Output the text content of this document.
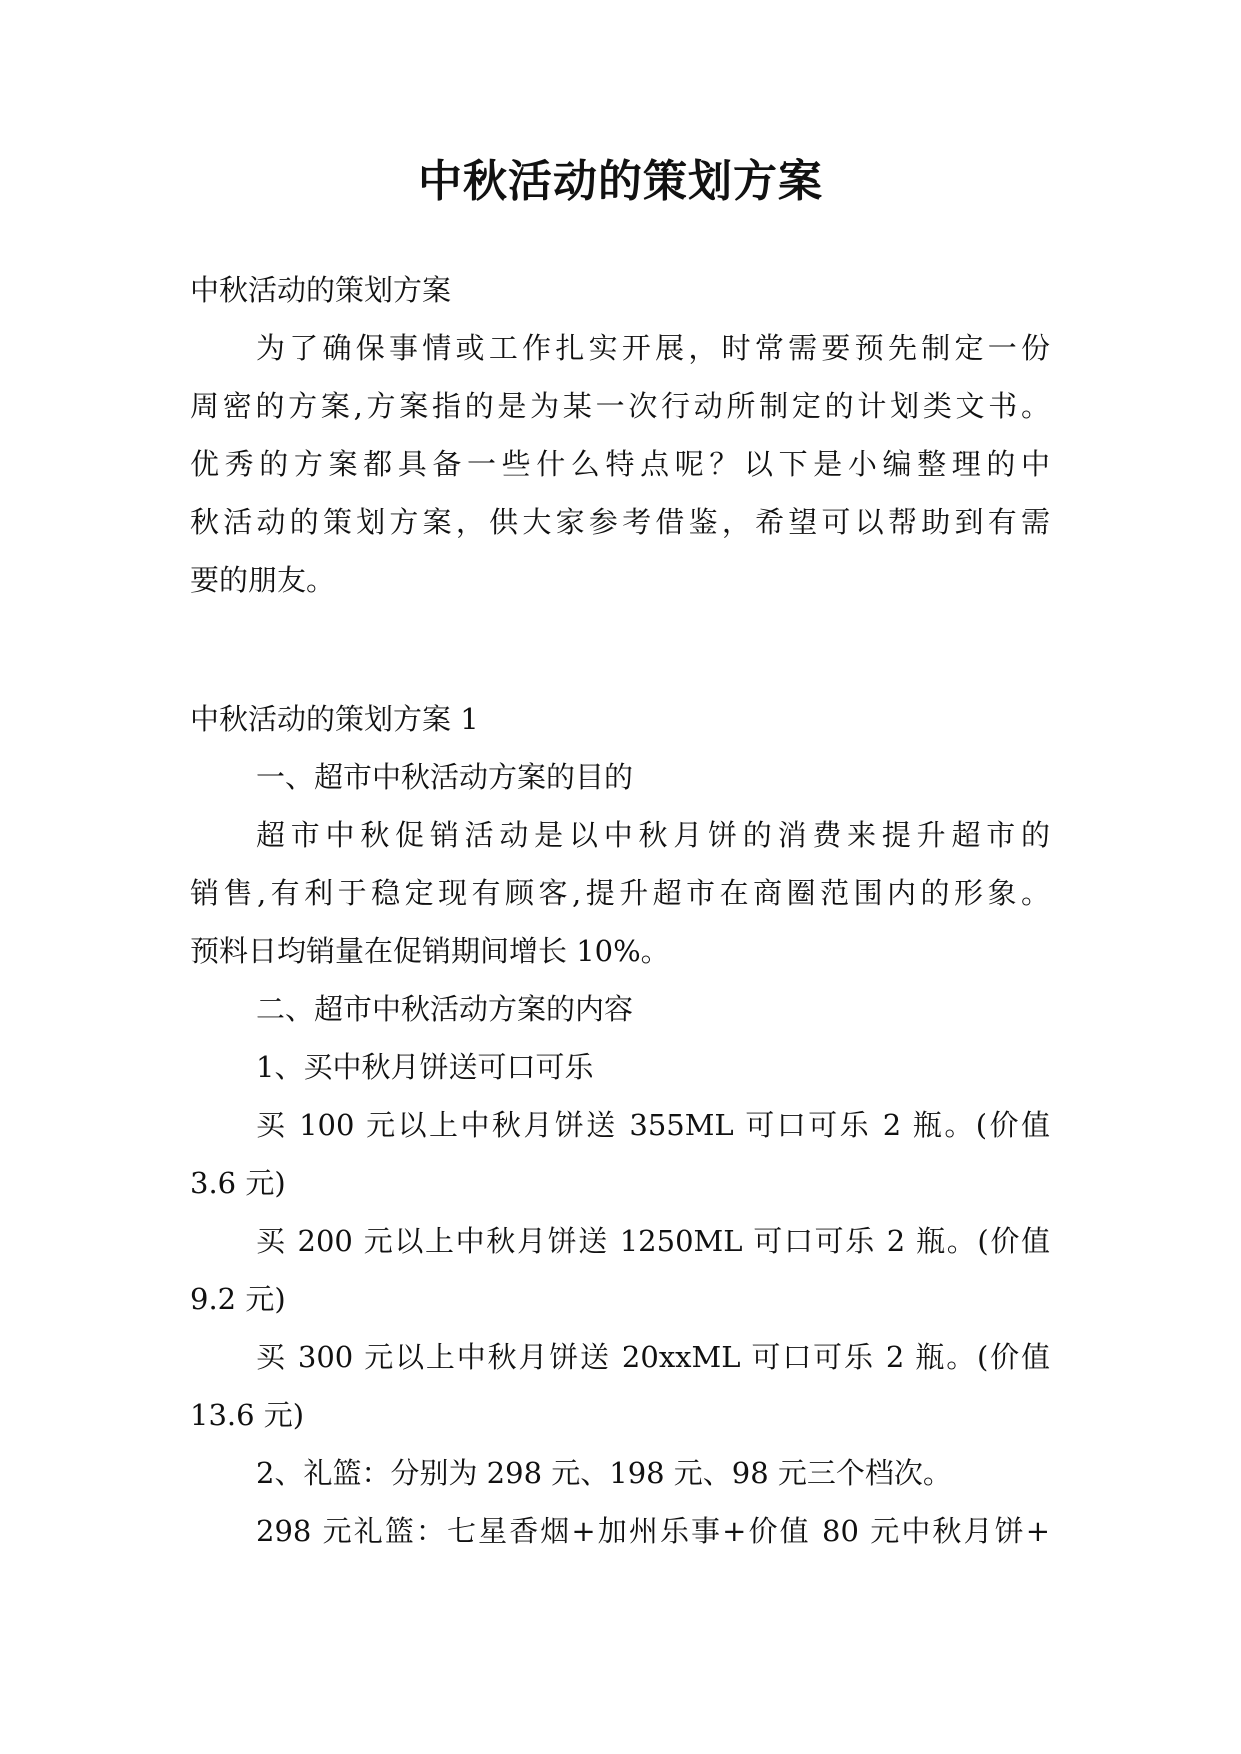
中秋活动的策划方案

中秋活动的策划方案

为了确保事情或工作扎实开展，时常需要预先制定一份

周密的方案,方案指的是为某一次行动所制定的计划类文书。

优秀的方案都具备一些什么特点呢？以下是小编整理的中

秋活动的策划方案，供大家参考借鉴，希望可以帮助到有需

要的朋友。

中秋活动的策划方案 1

一、超市中秋活动方案的目的

超市中秋促销活动是以中秋月饼的消费来提升超市的

销售,有利于稳定现有顾客,提升超市在商圈范围内的形象。

预料日均销量在促销期间增长 10%。

二、超市中秋活动方案的内容

1、买中秋月饼送可口可乐

买 100 元以上中秋月饼送 355ML 可口可乐 2 瓶。(价值

3.6 元)

买 200 元以上中秋月饼送 1250ML 可口可乐 2 瓶。(价值

9.2 元)

买 300 元以上中秋月饼送 20xxML 可口可乐 2 瓶。(价值

13.6 元)

2、礼篮：分别为 298 元、198 元、98 元三个档次。

298 元礼篮：七星香烟+加州乐事+价值 80 元中秋月饼+
